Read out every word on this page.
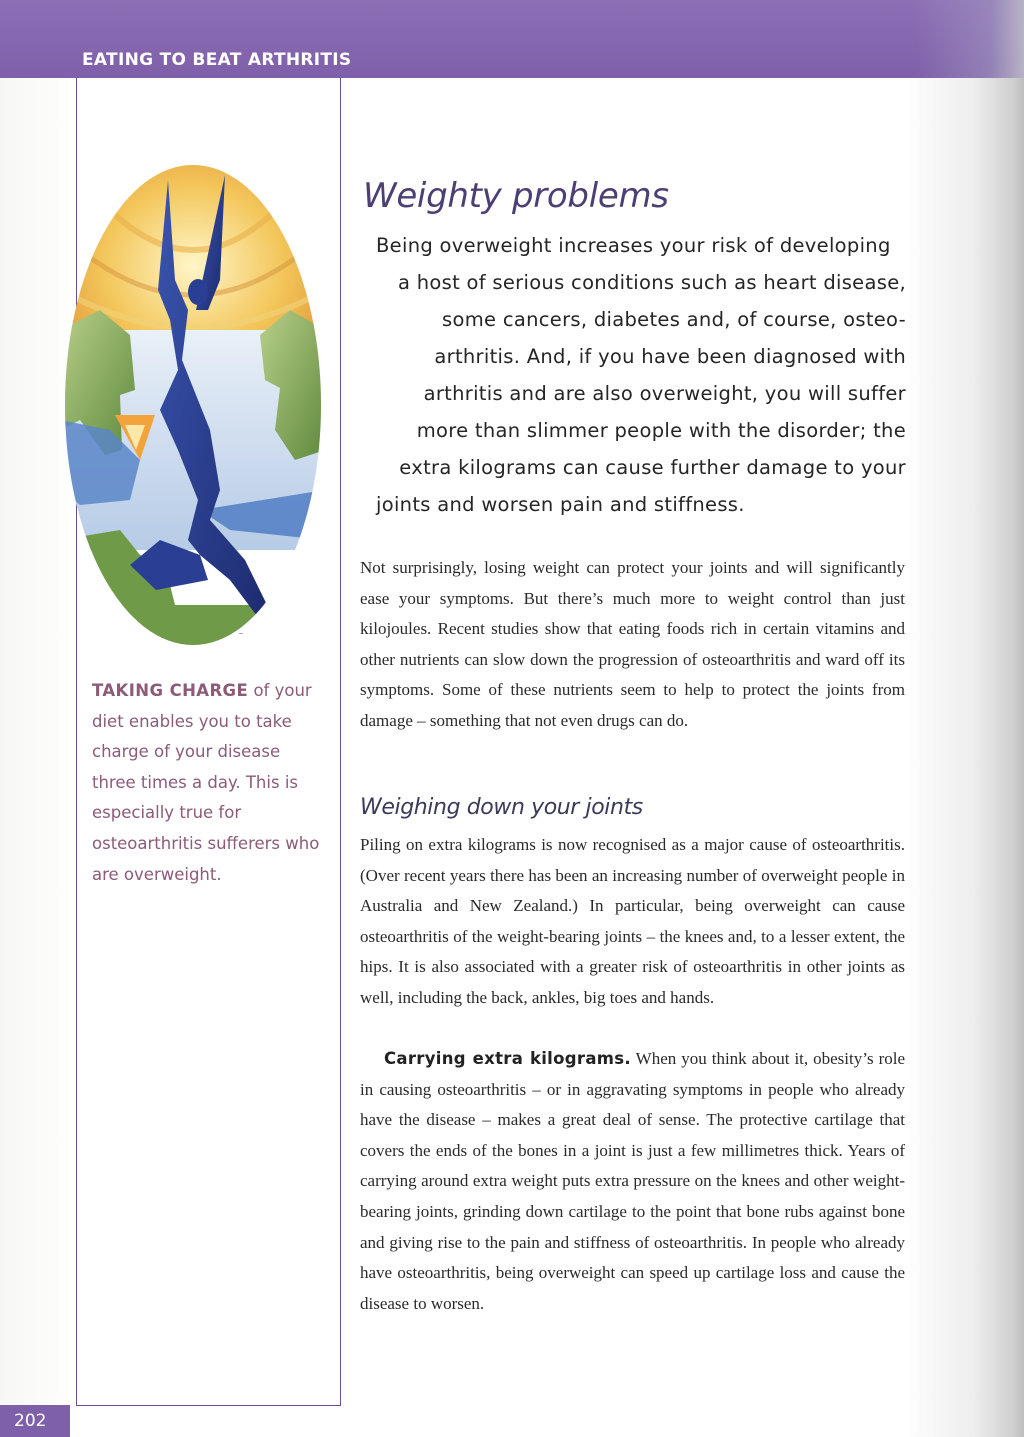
EATING TO BEAT ARTHRITIS

202
~

TAKING CHARGE of your diet enables you to take charge of your disease three times a day. This is especially true for osteoarthritis sufferers who are overweight.

Weighty problems

Being overweight increases your risk of developing

a host of serious conditions such as heart disease,

some cancers, diabetes and, of course, osteo-

arthritis. And, if you have been diagnosed with

arthritis and are also overweight, you will suffer

more than slimmer people with the disorder; the

extra kilograms can cause further damage to your

joints and worsen pain and stiffness.

Not surprisingly, losing weight can protect your joints and will significantly ease your symptoms. But there’s much more to weight control than just kilojoules. Recent studies show that eating foods rich in certain vitamins and other nutrients can slow down the progression of osteoarthritis and ward off its symptoms. Some of these nutrients seem to help to protect the joints from damage – something that not even drugs can do.

Weighing down your joints

Piling on extra kilograms is now recognised as a major cause of osteoarthritis. (Over recent years there has been an increasing number of overweight people in Australia and New Zealand.) In particular, being overweight can cause osteoarthritis of the weight-bearing joints – the knees and, to a lesser extent, the hips. It is also associated with a greater risk of osteoarthritis in other joints as well, including the back, ankles, big toes and hands.

Carrying extra kilograms. When you think about it, obesity’s role in causing osteoarthritis – or in aggravating symptoms in people who already have the disease – makes a great deal of sense. The protective cartilage that covers the ends of the bones in a joint is just a few millimetres thick. Years of carrying around extra weight puts extra pressure on the knees and other weight-bearing joints, grinding down cartilage to the point that bone rubs against bone and giving rise to the pain and stiffness of osteoarthritis. In people who already have osteoarthritis, being overweight can speed up cartilage loss and cause the disease to worsen.
